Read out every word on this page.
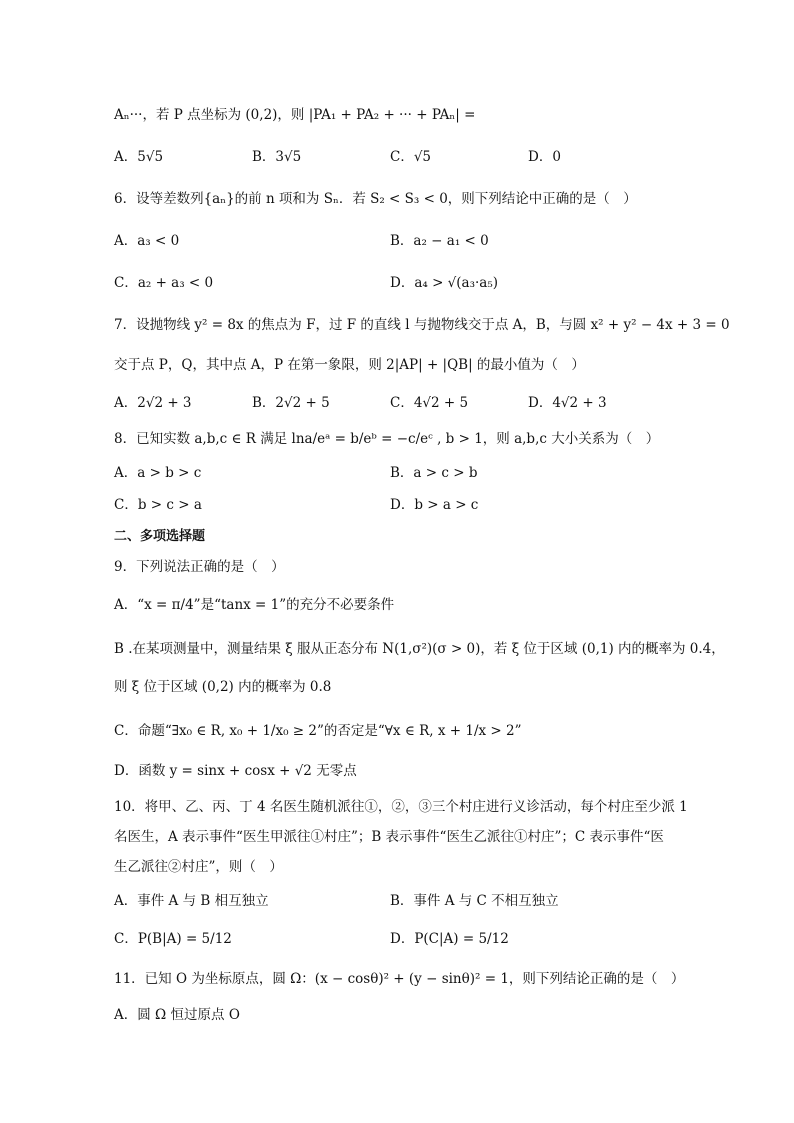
Aₙ···，若 P 点坐标为 (0,2)，则 |PA₁ + PA₂ + ··· + PAₙ| =
A．5√5	B．3√5	C．√5	D．0
6．设等差数列{aₙ}的前 n 项和为 Sₙ．若 S₂ < S₃ < 0，则下列结论中正确的是（　）
A．a₃ < 0	B．a₂ − a₁ < 0
C．a₂ + a₃ < 0	D．a₄ > √(a₃·a₅)
7．设抛物线 y² = 8x 的焦点为 F，过 F 的直线 l 与抛物线交于点 A，B，与圆 x² + y² − 4x + 3 = 0
交于点 P，Q，其中点 A，P 在第一象限，则 2|AP| + |QB| 的最小值为（　）
A．2√2 + 3	B．2√2 + 5	C．4√2 + 5	D．4√2 + 3
8．已知实数 a,b,c ∈ R 满足 lna/eᵃ = b/eᵇ = −c/eᶜ , b > 1，则 a,b,c 大小关系为（　）
A．a > b > c	B．a > c > b
C．b > c > a	D．b > a > c
二、多项选择题
9．下列说法正确的是（　）
A．“x = π/4”是“tanx = 1”的充分不必要条件
B .在某项测量中，测量结果 ξ 服从正态分布 N(1,σ²)(σ > 0)，若 ξ 位于区域 (0,1) 内的概率为 0.4，
则 ξ 位于区域 (0,2) 内的概率为 0.8
C．命题“∃x₀ ∈ R, x₀ + 1/x₀ ≥ 2”的否定是“∀x ∈ R, x + 1/x > 2”
D．函数 y = sinx + cosx + √2 无零点
10．将甲、乙、丙、丁 4 名医生随机派往①，②，③三个村庄进行义诊活动，每个村庄至少派 1
名医生，A 表示事件“医生甲派往①村庄”；B 表示事件“医生乙派往①村庄”；C 表示事件“医
生乙派往②村庄”，则（　）
A．事件 A 与 B 相互独立	B．事件 A 与 C 不相互独立
C．P(B|A) = 5/12	D．P(C|A) = 5/12
11．已知 O 为坐标原点，圆 Ω：(x − cosθ)² + (y − sinθ)² = 1，则下列结论正确的是（　）
A．圆 Ω 恒过原点 O
